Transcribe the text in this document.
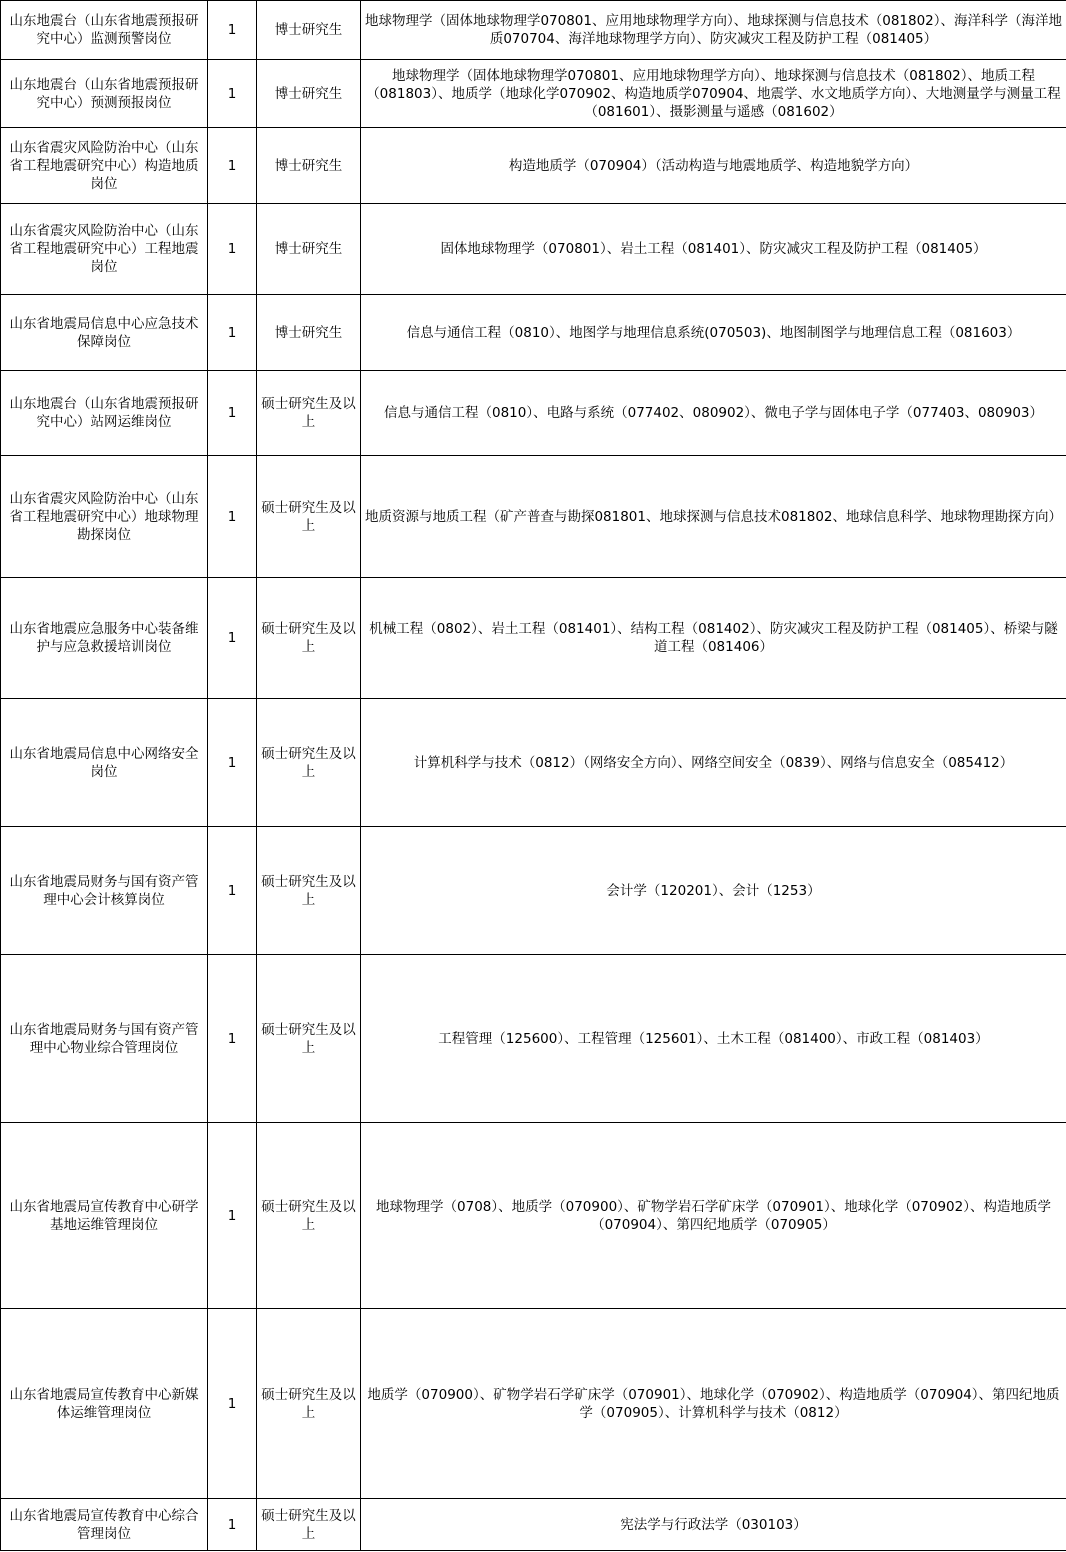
山东地震台（山东省地震预报研究中心）监测预警岗位	1	博士研究生	地球物理学（固体地球物理学070801、应用地球物理学方向）、地球探测与信息技术（081802）、海洋科学（海洋地质070704、海洋地球物理学方向）、防灾减灾工程及防护工程（081405）
山东地震台（山东省地震预报研究中心）预测预报岗位	1	博士研究生	地球物理学（固体地球物理学070801、应用地球物理学方向）、地球探测与信息技术（081802）、地质工程（081803）、地质学（地球化学070902、构造地质学070904、地震学、水文地质学方向）、大地测量学与测量工程（081601）、摄影测量与遥感（081602）
山东省震灾风险防治中心（山东省工程地震研究中心）构造地质岗位	1	博士研究生	构造地质学（070904）（活动构造与地震地质学、构造地貌学方向）
山东省震灾风险防治中心（山东省工程地震研究中心）工程地震岗位	1	博士研究生	固体地球物理学（070801）、岩土工程（081401）、防灾减灾工程及防护工程（081405）
山东省地震局信息中心应急技术保障岗位	1	博士研究生	信息与通信工程（0810）、地图学与地理信息系统(070503)、地图制图学与地理信息工程（081603）
山东地震台（山东省地震预报研究中心）站网运维岗位	1	硕士研究生及以上	信息与通信工程（0810）、电路与系统（077402、080902）、微电子学与固体电子学（077403、080903）
山东省震灾风险防治中心（山东省工程地震研究中心）地球物理勘探岗位	1	硕士研究生及以上	地质资源与地质工程（矿产普查与勘探081801、地球探测与信息技术081802、地球信息科学、地球物理勘探方向）
山东省地震应急服务中心装备维护与应急救援培训岗位	1	硕士研究生及以上	机械工程（0802）、岩土工程（081401）、结构工程（081402）、防灾减灾工程及防护工程（081405）、桥梁与隧道工程（081406）
山东省地震局信息中心网络安全岗位	1	硕士研究生及以上	计算机科学与技术（0812）（网络安全方向）、网络空间安全（0839）、网络与信息安全（085412）
山东省地震局财务与国有资产管理中心会计核算岗位	1	硕士研究生及以上	会计学（120201）、会计（1253）
山东省地震局财务与国有资产管理中心物业综合管理岗位	1	硕士研究生及以上	工程管理（125600）、工程管理（125601）、土木工程（081400）、市政工程（081403）
山东省地震局宣传教育中心研学基地运维管理岗位	1	硕士研究生及以上	地球物理学（0708）、地质学（070900）、矿物学岩石学矿床学（070901）、地球化学（070902）、构造地质学（070904）、第四纪地质学（070905）
山东省地震局宣传教育中心新媒体运维管理岗位	1	硕士研究生及以上	地质学（070900）、矿物学岩石学矿床学（070901）、地球化学（070902）、构造地质学（070904）、第四纪地质学（070905）、计算机科学与技术（0812）
山东省地震局宣传教育中心综合管理岗位	1	硕士研究生及以上	宪法学与行政法学（030103）
